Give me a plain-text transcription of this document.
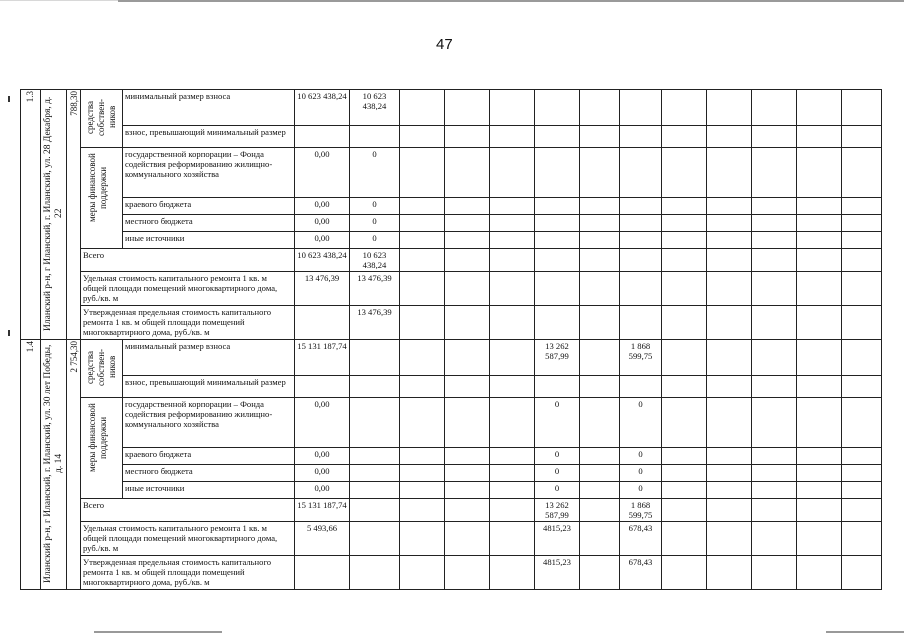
47
1.3	Иланский р-н, г Иланский, г. Иланский, ул. 28 Декабря, д. 22	788,30	средства собствен-ников	минимальный размер взноса	10 623 438,24	10 623 438,24											
				взнос, превышающий минимальный размер													
			меры финансовой поддержки	государственной корпорации – Фонда содействия реформированию жилищно-коммунального хозяйства	0,00	0											
				краевого бюджета	0,00	0											
				местного бюджета	0,00	0											
				иные источники	0,00	0											
			Всего		10 623 438,24	10 623 438,24											
			Удельная стоимость капитального ремонта 1 кв. м общей площади помещений многоквартирного дома, руб./кв. м		13 476,39	13 476,39											
			Утвержденная предельная стоимость капитального ремонта 1 кв. м общей площади помещений многоквартирного дома, руб./кв. м			13 476,39											
1.4	Иланский р-н, г Иланский, г. Иланский, ул. 30 лет Победы, д. 14	2 754,30	средства собствен-ников	минимальный размер взноса	15 131 187,74					13 262 587,99		1 868 599,75					
				взнос, превышающий минимальный размер													
			меры финансовой поддержки	государственной корпорации – Фонда содействия реформированию жилищно-коммунального хозяйства	0,00					0		0					
				краевого бюджета	0,00					0		0					
				местного бюджета	0,00					0		0					
				иные источники	0,00					0		0					
			Всего		15 131 187,74					13 262 587,99		1 868 599,75					
			Удельная стоимость капитального ремонта 1 кв. м общей площади помещений многоквартирного дома, руб./кв. м		5 493,66					4815,23		678,43					
			Утвержденная предельная стоимость капитального ремонта 1 кв. м общей площади помещений многоквартирного дома, руб./кв. м							4815,23		678,43					
